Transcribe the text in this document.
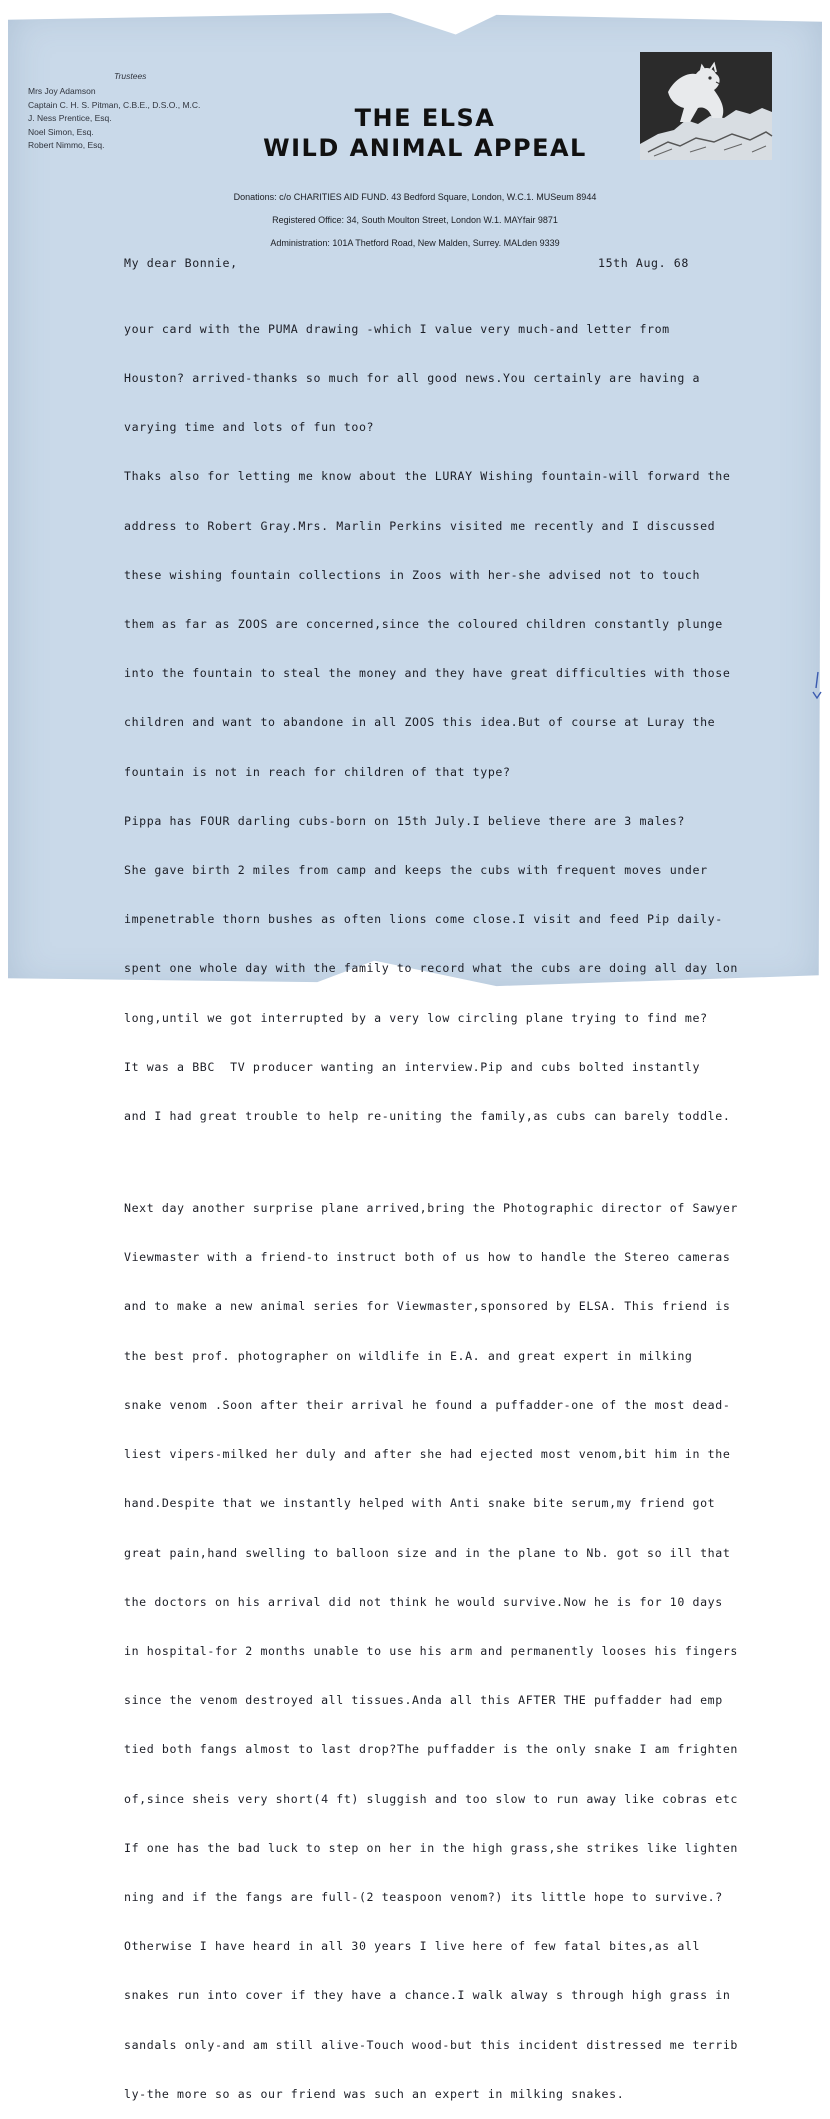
Trustees
Mrs Joy Adamson
Captain C. H. S. Pitman, C.B.E., D.S.O., M.C.
J. Ness Prentice, Esq.
Noel Simon, Esq.
Robert Nimmo, Esq.
THE ELSA
WILD ANIMAL APPEAL
Donations: c/o CHARITIES AID FUND. 43 Bedford Square, London, W.C.1. MUSeum 8944
Registered Office: 34, South Moulton Street, London W.1. MAYfair 9871
Administration: 101A Thetford Road, New Malden, Surrey. MALden 9339
My dear Bonnie,	15th Aug. 68

your card with the PUMA drawing -which I value very much-and letter from

Houston? arrived-thanks so much for all good news.You certainly are having a

varying time and lots of fun too?

Thaks also for letting me know about the LURAY Wishing fountain-will forward the

address to Robert Gray.Mrs. Marlin Perkins visited me recently and I discussed

these wishing fountain collections in Zoos with her-she advised not to touch

them as far as ZOOS are concerned,since the coloured children constantly plunge

into the fountain to steal the money and they have great difficulties with those

children and want to abandone in all ZOOS this idea.But of course at Luray the

fountain is not in reach for children of that type?

Pippa has FOUR darling cubs-born on 15th July.I believe there are 3 males?

She gave birth 2 miles from camp and keeps the cubs with frequent moves under

impenetrable thorn bushes as often lions come close.I visit and feed Pip daily-

spent one whole day with the family to record what the cubs are doing all day lon

long,until we got interrupted by a very low circling plane trying to find me?

It was a BBC  TV producer wanting an interview.Pip and cubs bolted instantly

and I had great trouble to help re-uniting the family,as cubs can barely toddle.

Next day another surprise plane arrived,bring the Photographic director of Sawyer

Viewmaster with a friend-to instruct both of us how to handle the Stereo cameras

and to make a new animal series for Viewmaster,sponsored by ELSA. This friend is

the best prof. photographer on wildlife in E.A. and great expert in milking

snake venom .Soon after their arrival he found a puffadder-one of the most dead-

liest vipers-milked her duly and after she had ejected most venom,bit him in the

hand.Despite that we instantly helped with Anti snake bite serum,my friend got

great pain,hand swelling to balloon size and in the plane to Nb. got so ill that

the doctors on his arrival did not think he would survive.Now he is for 10 days

in hospital-for 2 months unable to use his arm and permanently looses his fingers

since the venom destroyed all tissues.Anda all this AFTER THE puffadder had emp

tied both fangs almost to last drop?The puffadder is the only snake I am frighten

of,since sheis very short(4 ft) sluggish and too slow to run away like cobras etc

If one has the bad luck to step on her in the high grass,she strikes like lighten

ning and if the fangs are full-(2 teaspoon venom?) its little hope to survive.?

Otherwise I have heard in all 30 years I live here of few fatal bites,as all

snakes run into cover if they have a chance.I walk alway s through high grass in

sandals only-and am still alive-Touch wood-but this incident distressed me terrib

ly-the more so as our friend was such an expert in milking snakes.
